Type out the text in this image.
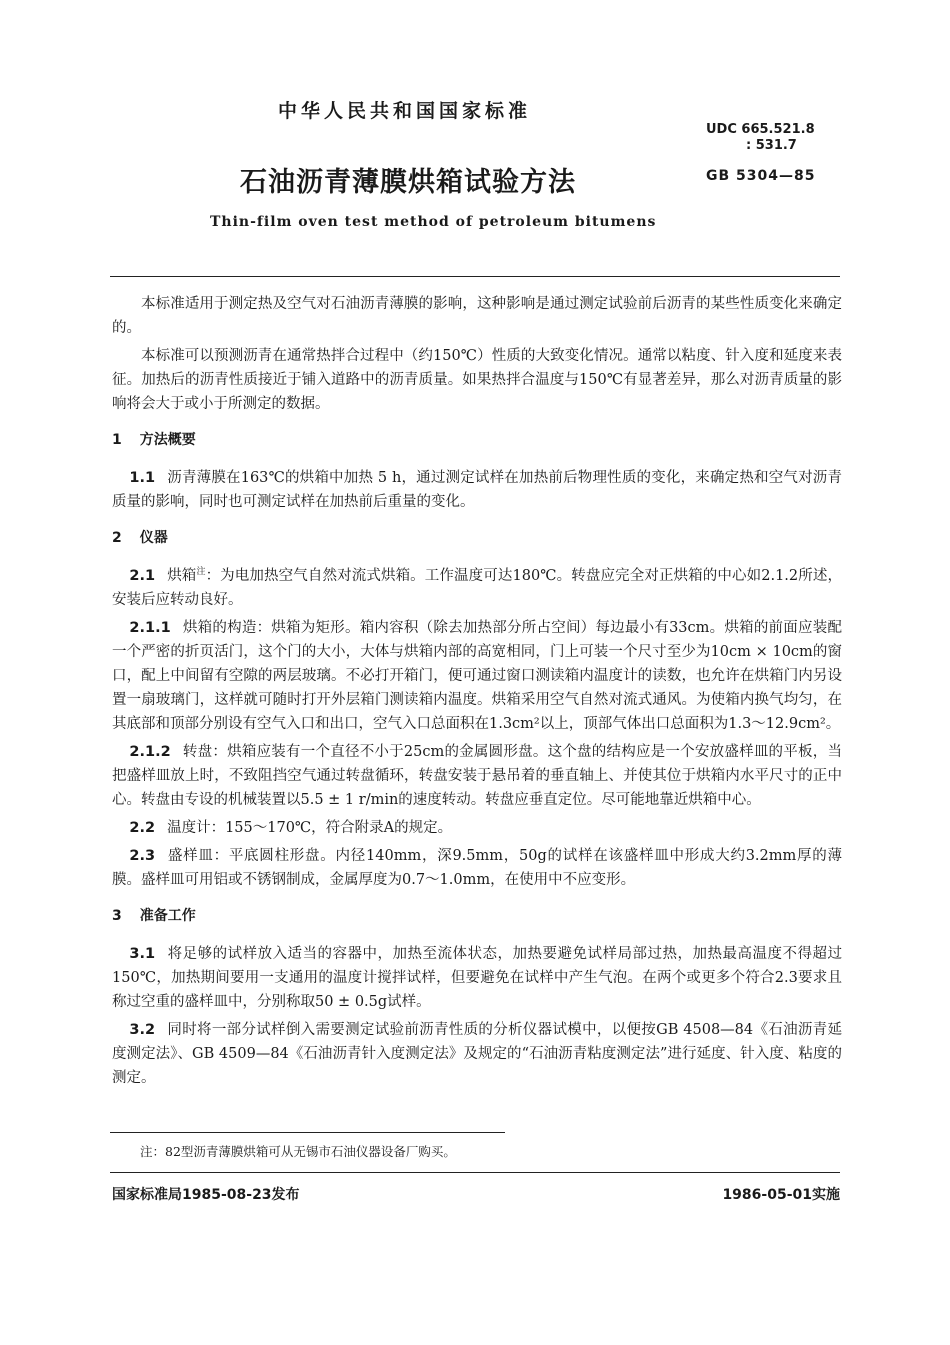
中华人民共和国国家标准
UDC 665.521.8
: 531.7
石油沥青薄膜烘箱试验方法	GB 5304—85
Thin-film oven test method of petroleum bitumens

本标准适用于测定热及空气对石油沥青薄膜的影响，这种影响是通过测定试验前后沥青的某些性质变化来确定的。

本标准可以预测沥青在通常热拌合过程中（约150℃）性质的大致变化情况。通常以粘度、针入度和延度来表征。加热后的沥青性质接近于铺入道路中的沥青质量。如果热拌合温度与150℃有显著差异，那么对沥青质量的影响将会大于或小于所测定的数据。

1 方法概要

1.1 沥青薄膜在163℃的烘箱中加热 5 h，通过测定试样在加热前后物理性质的变化，来确定热和空气对沥青质量的影响，同时也可测定试样在加热前后重量的变化。

2 仪器

2.1 烘箱$^注$：为电加热空气自然对流式烘箱。工作温度可达180℃。转盘应完全对正烘箱的中心如2.1.2所述，安装后应转动良好。

2.1.1 烘箱的构造：烘箱为矩形。箱内容积（除去加热部分所占空间）每边最小有33cm。烘箱的前面应装配一个严密的折页活门，这个门的大小，大体与烘箱内部的高宽相同，门上可装一个尺寸至少为10cm × 10cm的窗口，配上中间留有空隙的两层玻璃。不必打开箱门，便可通过窗口测读箱内温度计的读数，也允许在烘箱门内另设置一扇玻璃门，这样就可随时打开外层箱门测读箱内温度。烘箱采用空气自然对流式通风。为使箱内换气均匀，在其底部和顶部分别设有空气入口和出口，空气入口总面积在1.3cm²以上，顶部气体出口总面积为1.3～12.9cm²。

2.1.2 转盘：烘箱应装有一个直径不小于25cm的金属圆形盘。这个盘的结构应是一个安放盛样皿的平板，当把盛样皿放上时，不致阻挡空气通过转盘循环，转盘安装于悬吊着的垂直轴上、并使其位于烘箱内水平尺寸的正中心。转盘由专设的机械装置以5.5 ± 1 r/min的速度转动。转盘应垂直定位。尽可能地靠近烘箱中心。

2.2 温度计：155～170℃，符合附录A的规定。

2.3 盛样皿：平底圆柱形盘。内径140mm，深9.5mm，50g的试样在该盛样皿中形成大约3.2mm厚的薄膜。盛样皿可用铝或不锈钢制成，金属厚度为0.7～1.0mm，在使用中不应变形。

3 准备工作

3.1 将足够的试样放入适当的容器中，加热至流体状态，加热要避免试样局部过热，加热最高温度不得超过150℃，加热期间要用一支通用的温度计搅拌试样，但要避免在试样中产生气泡。在两个或更多个符合2.3要求且称过空重的盛样皿中，分别称取50 ± 0.5g试样。

3.2 同时将一部分试样倒入需要测定试验前沥青性质的分析仪器试模中，以便按GB 4508—84《石油沥青延度测定法》、GB 4509—84《石油沥青针入度测定法》及规定的“石油沥青粘度测定法”进行延度、针入度、粘度的测定。

注：82型沥青薄膜烘箱可从无锡市石油仪器设备厂购买。
国家标准局1985-08-23发布	1986-05-01实施
